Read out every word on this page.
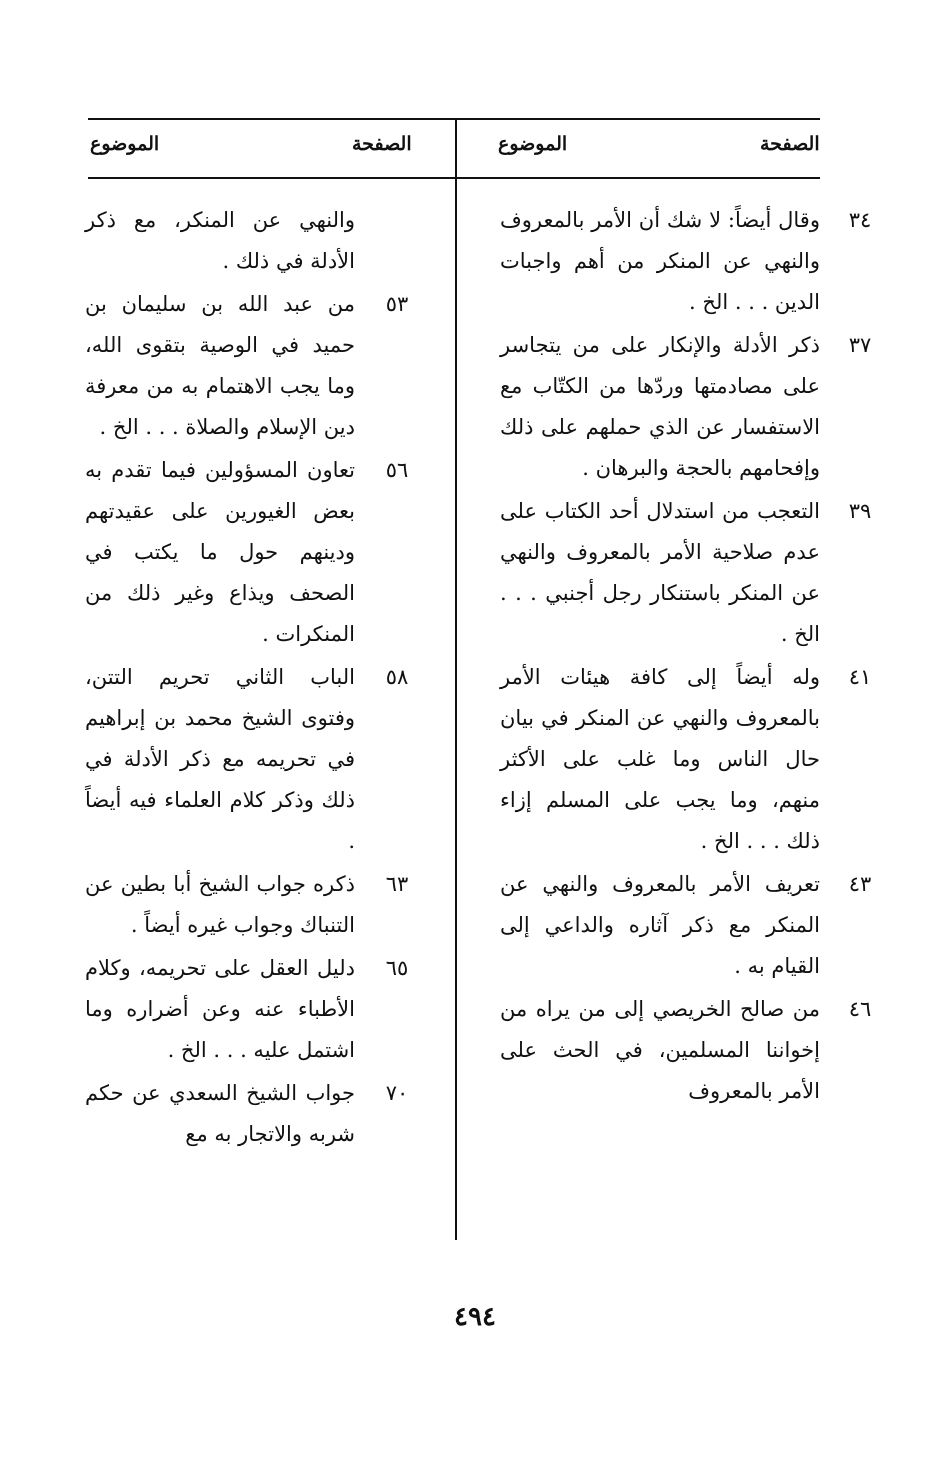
الصفحة
الموضوع
الصفحة
الموضوع
٣٤
وقال أيضاً: لا شك أن الأمر بالمعروف والنهي عن المنكر من أهم واجبات الدين . . . الخ .
٣٧
ذكر الأدلة والإنكار على من يتجاسر على مصادمتها وردّها من الكتّاب مع الاستفسار عن الذي حملهم على ذلك وإفحامهم بالحجة والبرهان .
٣٩
التعجب من استدلال أحد الكتاب على عدم صلاحية الأمر بالمعروف والنهي عن المنكر باستنكار رجل أجنبي . . . الخ .
٤١
وله أيضاً إلى كافة هيئات الأمر بالمعروف والنهي عن المنكر في بيان حال الناس وما غلب على الأكثر منهم، وما يجب على المسلم إزاء ذلك . . . الخ .
٤٣
تعريف الأمر بالمعروف والنهي عن المنكر مع ذكر آثاره والداعي إلى القيام به .
٤٦
من صالح الخريصي إلى من يراه من إخواننا المسلمين، في الحث على الأمر بالمعروف
والنهي عن المنكر، مع ذكر الأدلة في ذلك .
٥٣
من عبد الله بن سليمان بن حميد في الوصية بتقوى الله، وما يجب الاهتمام به من معرفة دين الإسلام والصلاة . . . الخ .
٥٦
تعاون المسؤولين فيما تقدم به بعض الغيورين على عقيدتهم ودينهم حول ما يكتب في الصحف ويذاع وغير ذلك من المنكرات .
٥٨
الباب الثاني تحريم التتن، وفتوى الشيخ محمد بن إبراهيم في تحريمه مع ذكر الأدلة في ذلك وذكر كلام العلماء فيه أيضاً .
٦٣
ذكره جواب الشيخ أبا بطين عن التنباك وجواب غيره أيضاً .
٦٥
دليل العقل على تحريمه، وكلام الأطباء عنه وعن أضراره وما اشتمل عليه . . . الخ .
٧٠
جواب الشيخ السعدي عن حكم شربه والاتجار به مع
٤٩٤
